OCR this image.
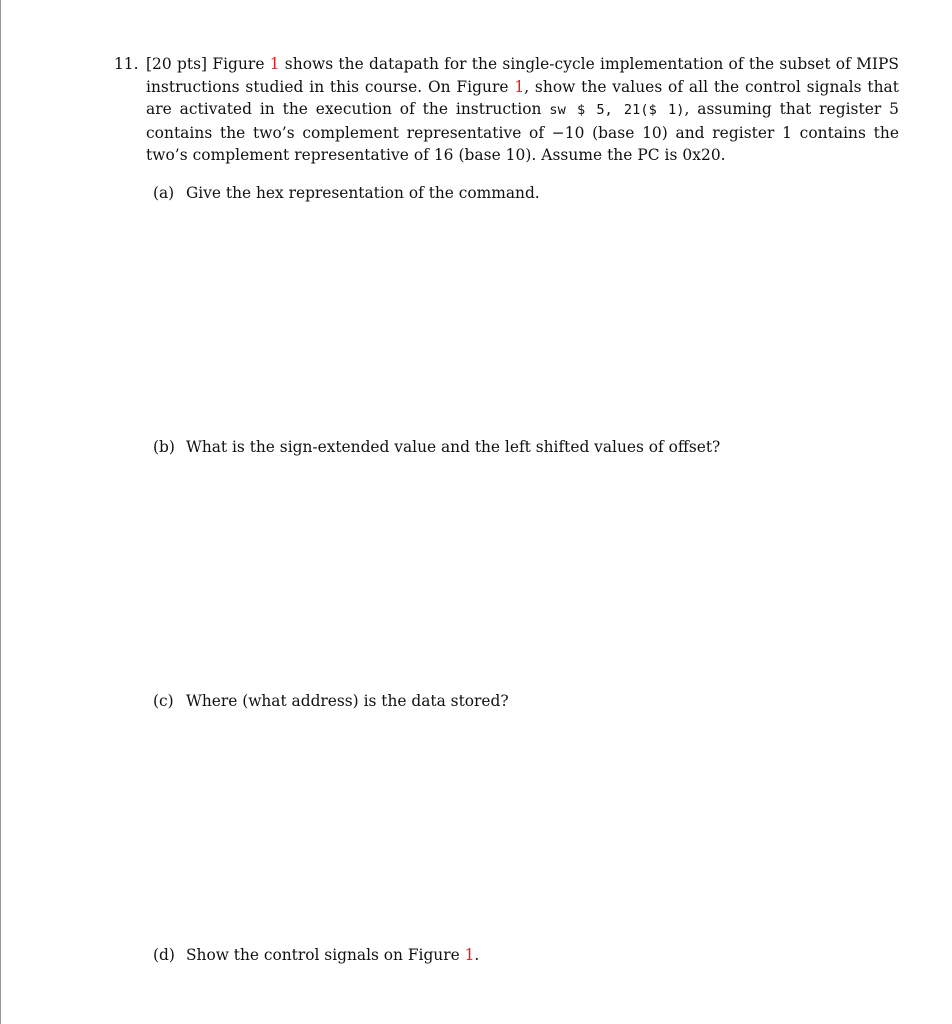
11. [20 pts] Figure 1 shows the datapath for the single-cycle implementation of the subset of MIPS instructions studied in this course. On Figure 1, show the values of all the control signals that are activated in the execution of the instruction sw $ 5, 21($ 1), assuming that register 5 contains the two’s complement representative of −10 (base 10) and register 1 contains the two’s complement representative of 16 (base 10). Assume the PC is 0x20.
(a) Give the hex representation of the command.
(b) What is the sign-extended value and the left shifted values of offset?
(c) Where (what address) is the data stored?
(d) Show the control signals on Figure 1.
